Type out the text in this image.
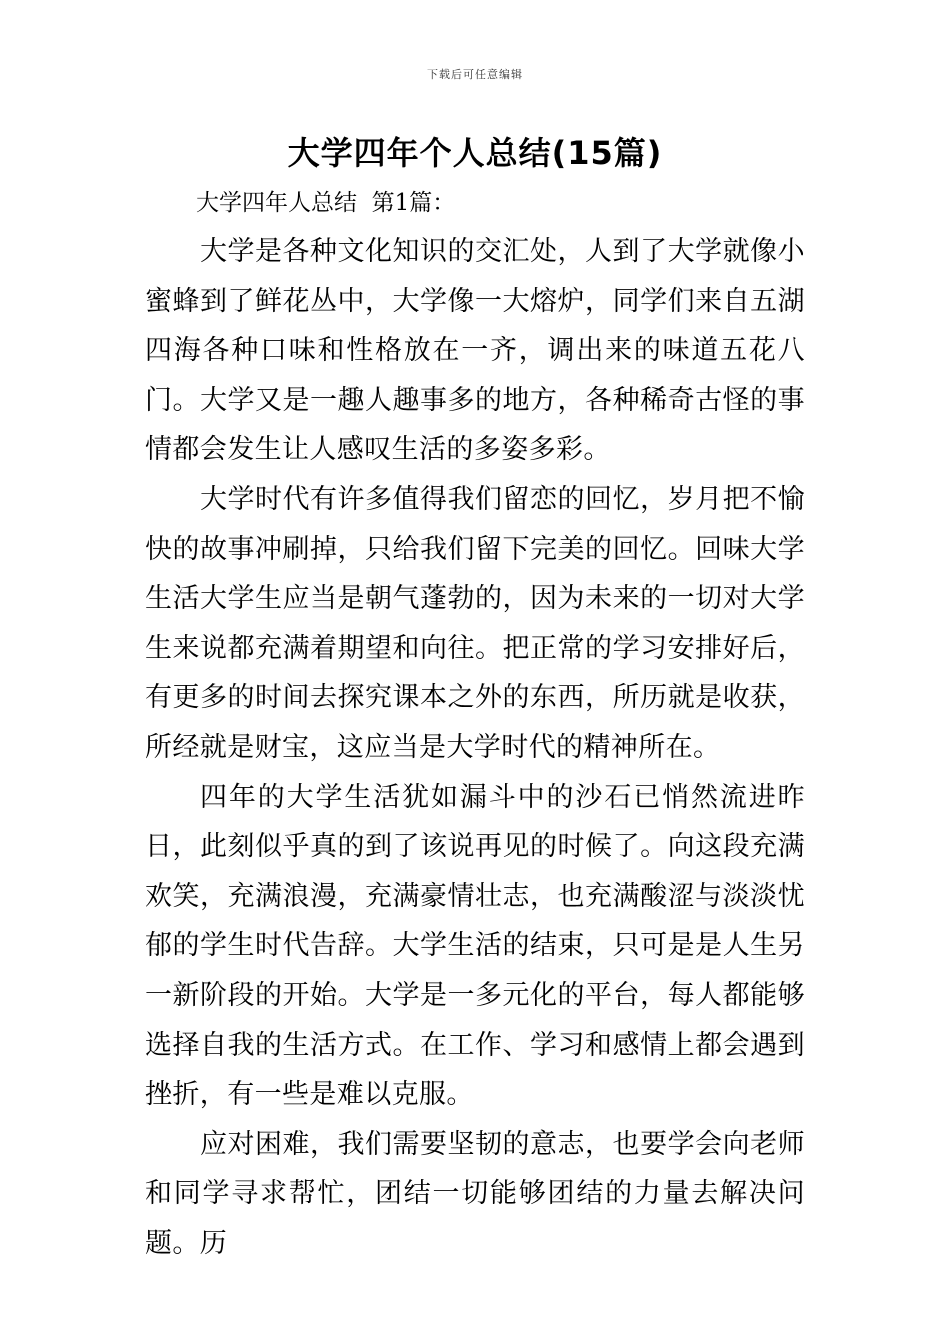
下载后可任意编辑
大学四年个人总结(15篇)
大学四年人总结  第1篇：

大学是各种文化知识的交汇处，人到了大学就像小蜜蜂到了鲜花丛中，大学像一大熔炉，同学们来自五湖四海各种口味和性格放在一齐，调出来的味道五花八门。大学又是一趣人趣事多的地方，各种稀奇古怪的事情都会发生让人感叹生活的多姿多彩。

大学时代有许多值得我们留恋的回忆，岁月把不愉快的故事冲刷掉，只给我们留下完美的回忆。回味大学生活大学生应当是朝气蓬勃的，因为未来的一切对大学生来说都充满着期望和向往。把正常的学习安排好后，有更多的时间去探究课本之外的东西，所历就是收获，所经就是财宝，这应当是大学时代的精神所在。

四年的大学生活犹如漏斗中的沙石已悄然流进昨日，此刻似乎真的到了该说再见的时候了。向这段充满欢笑，充满浪漫，充满豪情壮志，也充满酸涩与淡淡忧郁的学生时代告辞。大学生活的结束，只可是是人生另一新阶段的开始。大学是一多元化的平台，每人都能够选择自我的生活方式。在工作、学习和感情上都会遇到挫折，有一些是难以克服。

应对困难，我们需要坚韧的意志，也要学会向老师和同学寻求帮忙，团结一切能够团结的力量去解决问题。历
